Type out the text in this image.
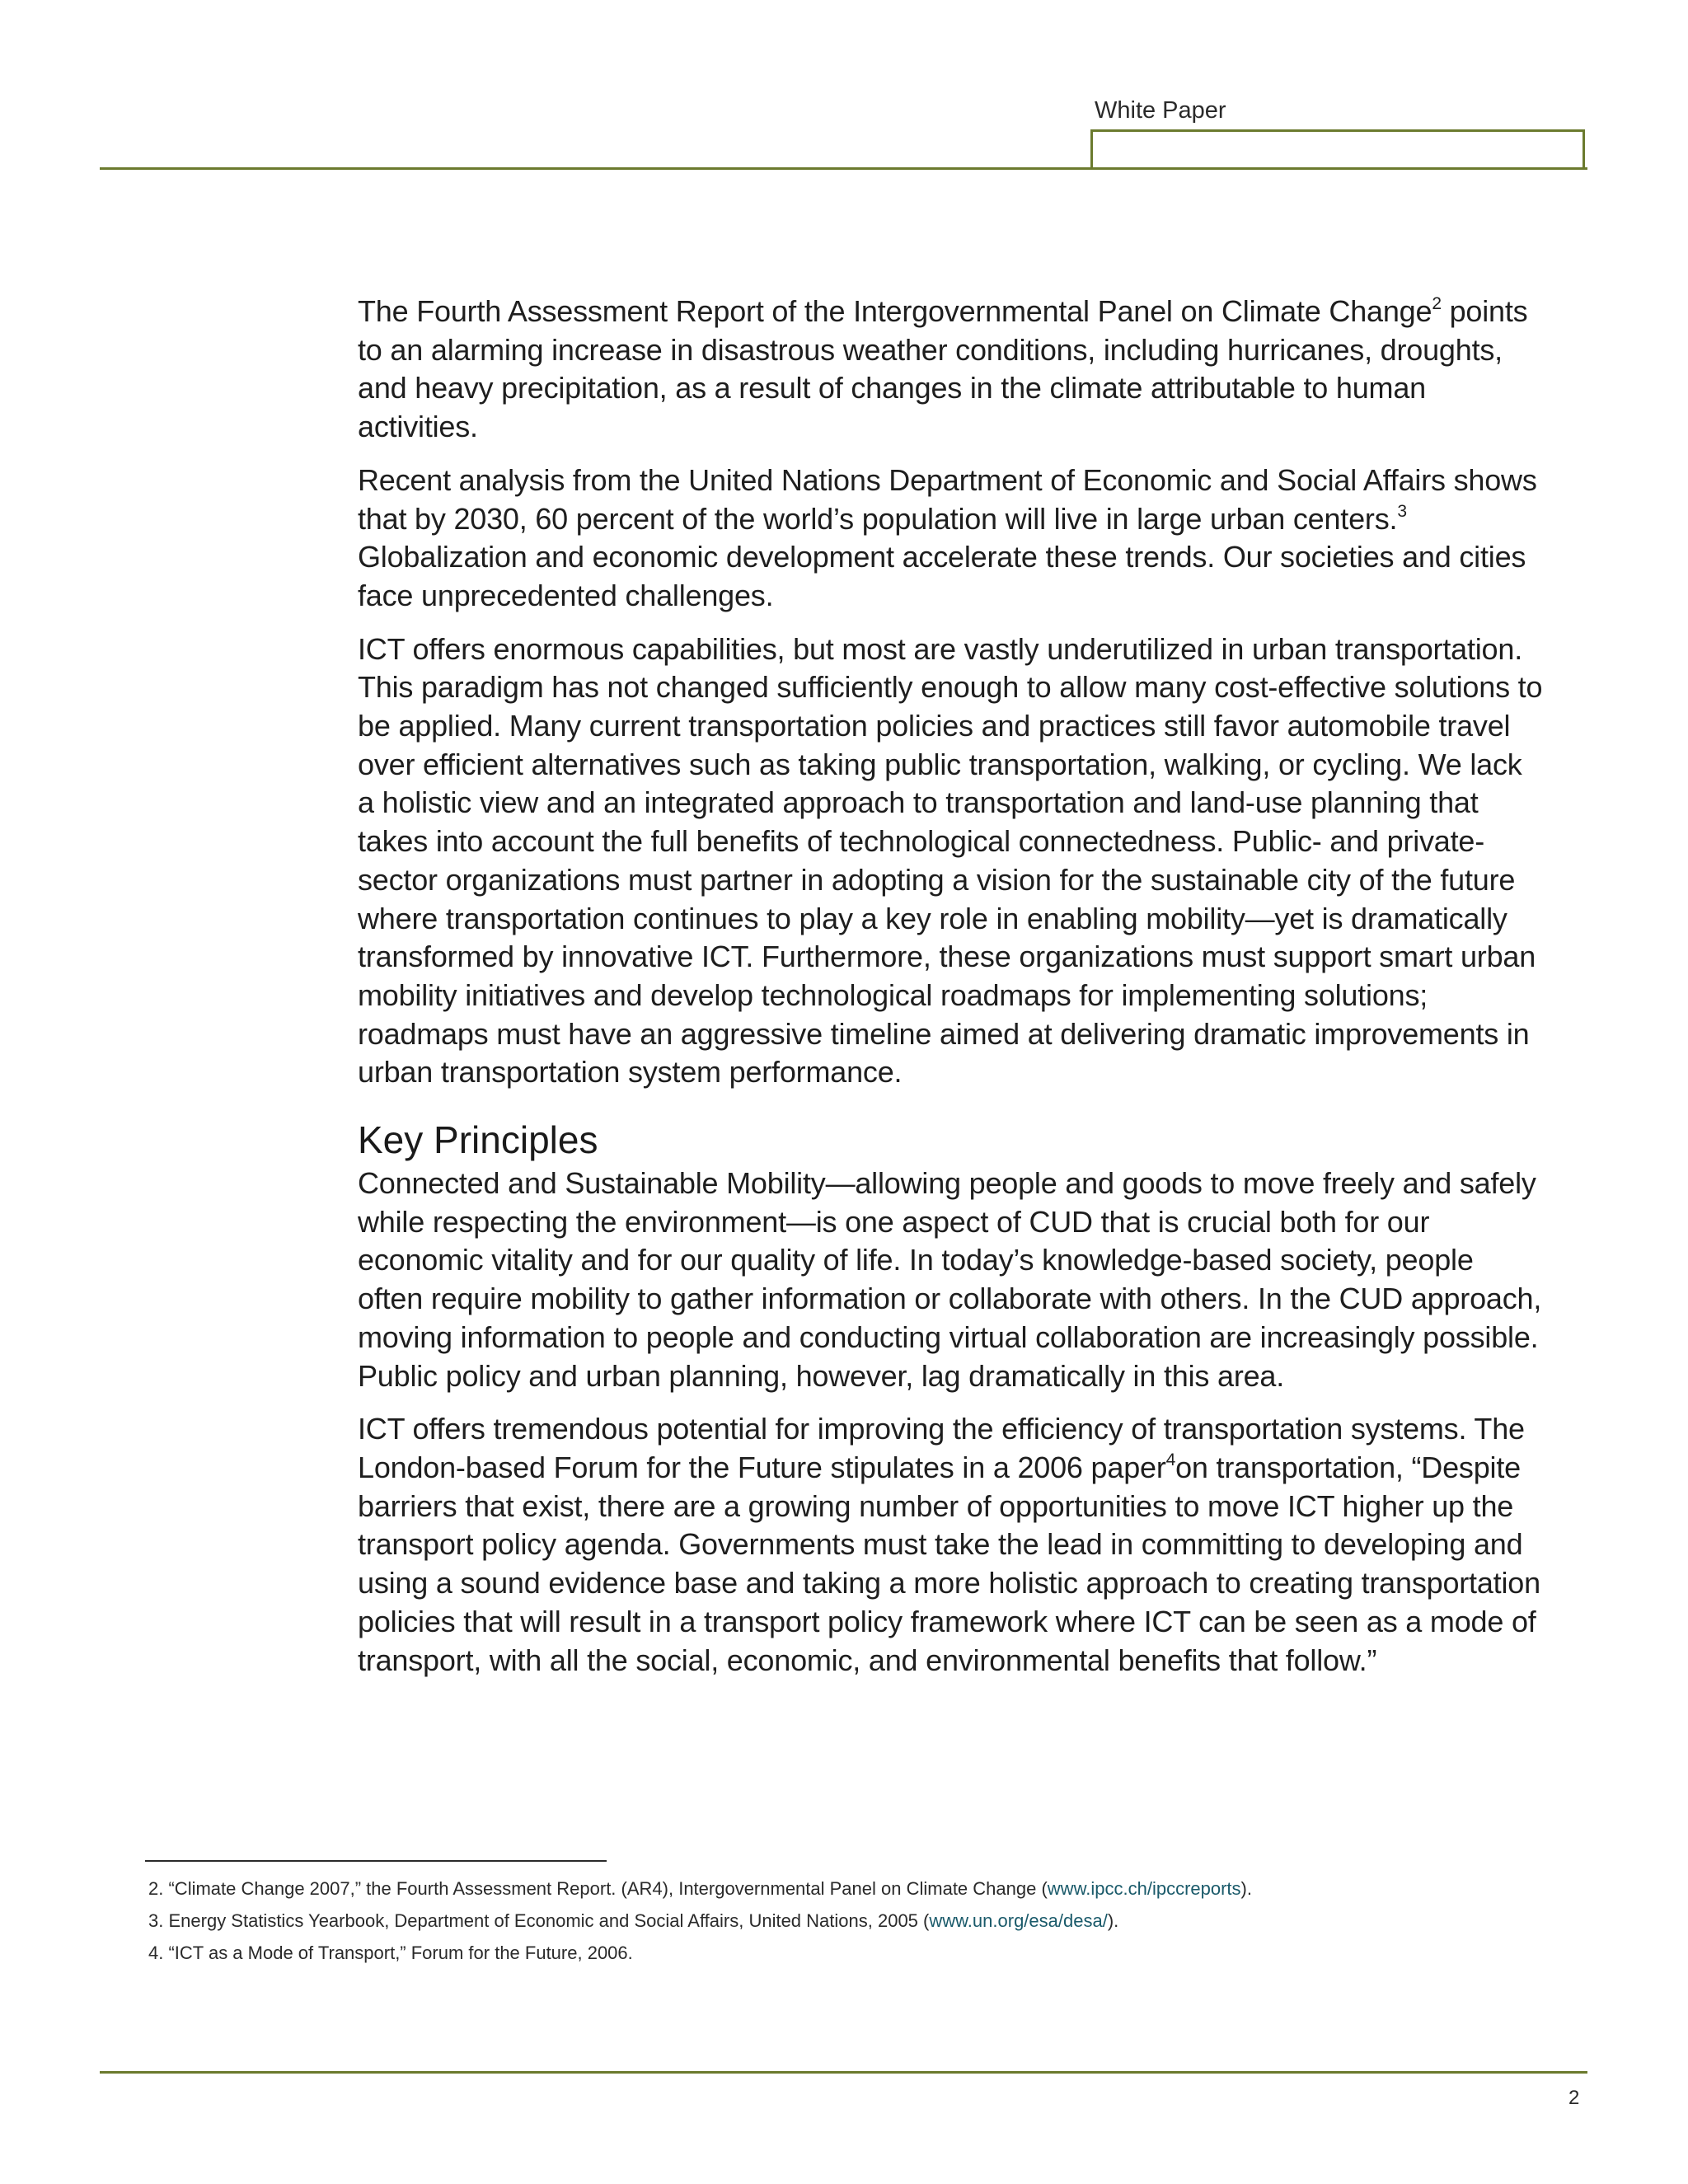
White Paper

The Fourth Assessment Report of the Intergovernmental Panel on Climate Change$^2$ points to an alarming increase in disastrous weather conditions, including hurricanes, droughts, and heavy precipitation, as a result of changes in the climate attributable to human activities.

Recent analysis from the United Nations Department of Economic and Social Affairs shows that by 2030, 60 percent of the world’s population will live in large urban centers.$^3$ Globalization and economic development accelerate these trends. Our societies and cities face unprecedented challenges.

ICT offers enormous capabilities, but most are vastly underutilized in urban transportation. This paradigm has not changed sufficiently enough to allow many cost-effective solutions to be applied. Many current transportation policies and practices still favor automobile travel over efficient alternatives such as taking public transportation, walking, or cycling. We lack a holistic view and an integrated approach to transportation and land-use planning that takes into account the full benefits of technological connectedness. Public- and private-sector organizations must partner in adopting a vision for the sustainable city of the future where transportation continues to play a key role in enabling mobility—yet is dramatically transformed by innovative ICT. Furthermore, these organizations must support smart urban mobility initiatives and develop technological roadmaps for implementing solutions; roadmaps must have an aggressive timeline aimed at delivering dramatic improvements in urban transportation system performance.

Key Principles

Connected and Sustainable Mobility—allowing people and goods to move freely and safely while respecting the environment—is one aspect of CUD that is crucial both for our economic vitality and for our quality of life. In today’s knowledge-based society, people often require mobility to gather information or collaborate with others. In the CUD approach, moving information to people and conducting virtual collaboration are increasingly possible. Public policy and urban planning, however, lag dramatically in this area.

ICT offers tremendous potential for improving the efficiency of transportation systems. The London-based Forum for the Future stipulates in a 2006 paper$^4$on transportation, “Despite barriers that exist, there are a growing number of opportunities to move ICT higher up the transport policy agenda. Governments must take the lead in committing to developing and using a sound evidence base and taking a more holistic approach to creating transportation policies that will result in a transport policy framework where ICT can be seen as a mode of transport, with all the social, economic, and environmental benefits that follow.”

2. “Climate Change 2007,” the Fourth Assessment Report. (AR4), Intergovernmental Panel on Climate Change (www.ipcc.ch/ipccreports).
3. Energy Statistics Yearbook, Department of Economic and Social Affairs, United Nations, 2005 (www.un.org/esa/desa/).
4. “ICT as a Mode of Transport,” Forum for the Future, 2006.
2
